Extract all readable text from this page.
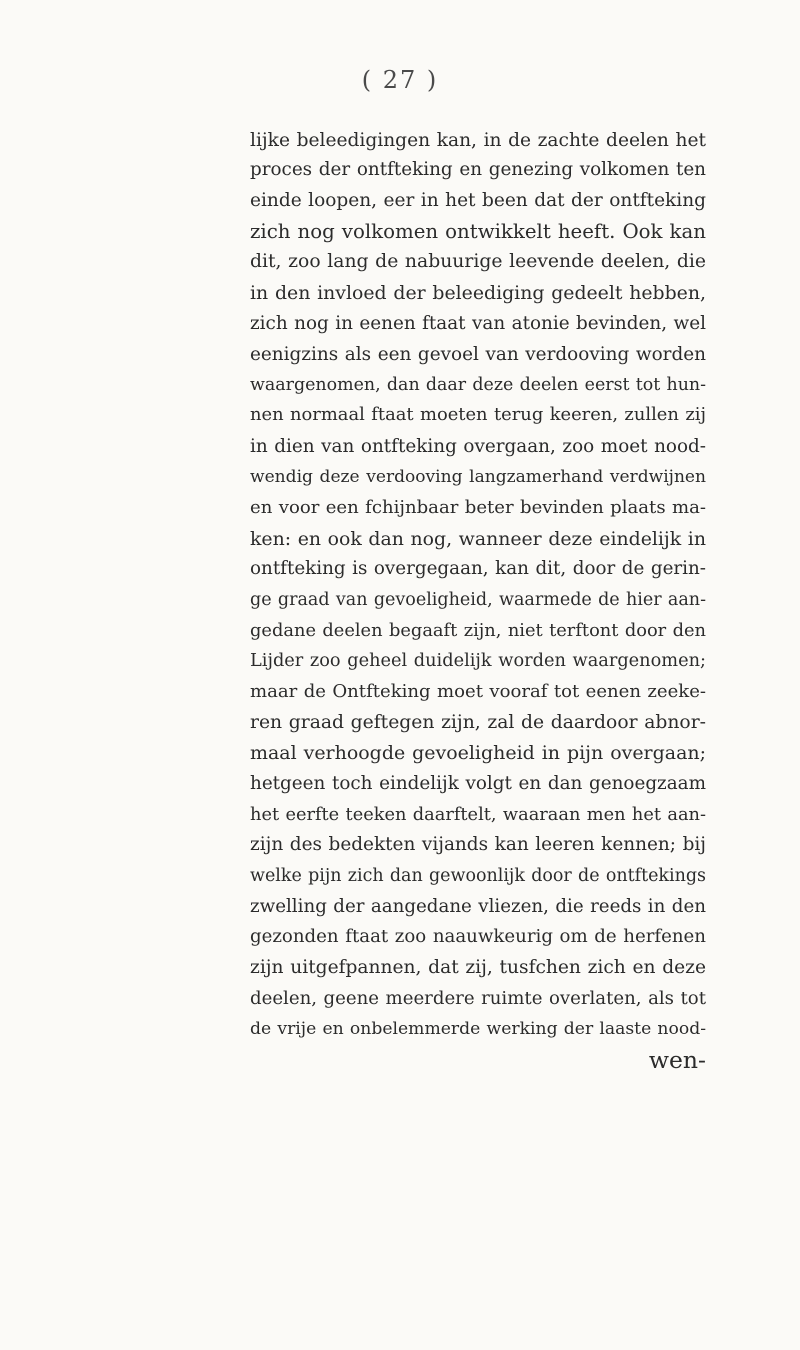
( 27 )
lijke beleedigingen kan, in de zachte deelen het
proces der ontfteking en genezing volkomen ten
einde loopen, eer in het been dat der ontfteking
zich nog volkomen ontwikkelt heeft. Ook kan
dit, zoo lang de nabuurige leevende deelen, die
in den invloed der beleediging gedeelt hebben,
zich nog in eenen ftaat van atonie bevinden, wel
eenigzins als een gevoel van verdooving worden
waargenomen, dan daar deze deelen eerst tot hun-
nen normaal ftaat moeten terug keeren, zullen zij
in dien van ontfteking overgaan, zoo moet nood-
wendig deze verdooving langzamerhand verdwijnen
en voor een fchijnbaar beter bevinden plaats ma-
ken: en ook dan nog, wanneer deze eindelijk in
ontfteking is overgegaan, kan dit, door de gerin-
ge graad van gevoeligheid, waarmede de hier aan-
gedane deelen begaaft zijn, niet terftont door den
Lijder zoo geheel duidelijk worden waargenomen;
maar de Ontfteking moet vooraf tot eenen zeeke-
ren graad geftegen zijn, zal de daardoor abnor-
maal verhoogde gevoeligheid in pijn overgaan;
hetgeen toch eindelijk volgt en dan genoegzaam
het eerfte teeken daarftelt, waaraan men het aan-
zijn des bedekten vijands kan leeren kennen; bij
welke pijn zich dan gewoonlijk door de ontftekings
zwelling der aangedane vliezen, die reeds in den
gezonden ftaat zoo naauwkeurig om de herfenen
zijn uitgefpannen, dat zij, tusfchen zich en deze
deelen, geene meerdere ruimte overlaten, als tot
de vrije en onbelemmerde werking der laaste nood-
wen-
